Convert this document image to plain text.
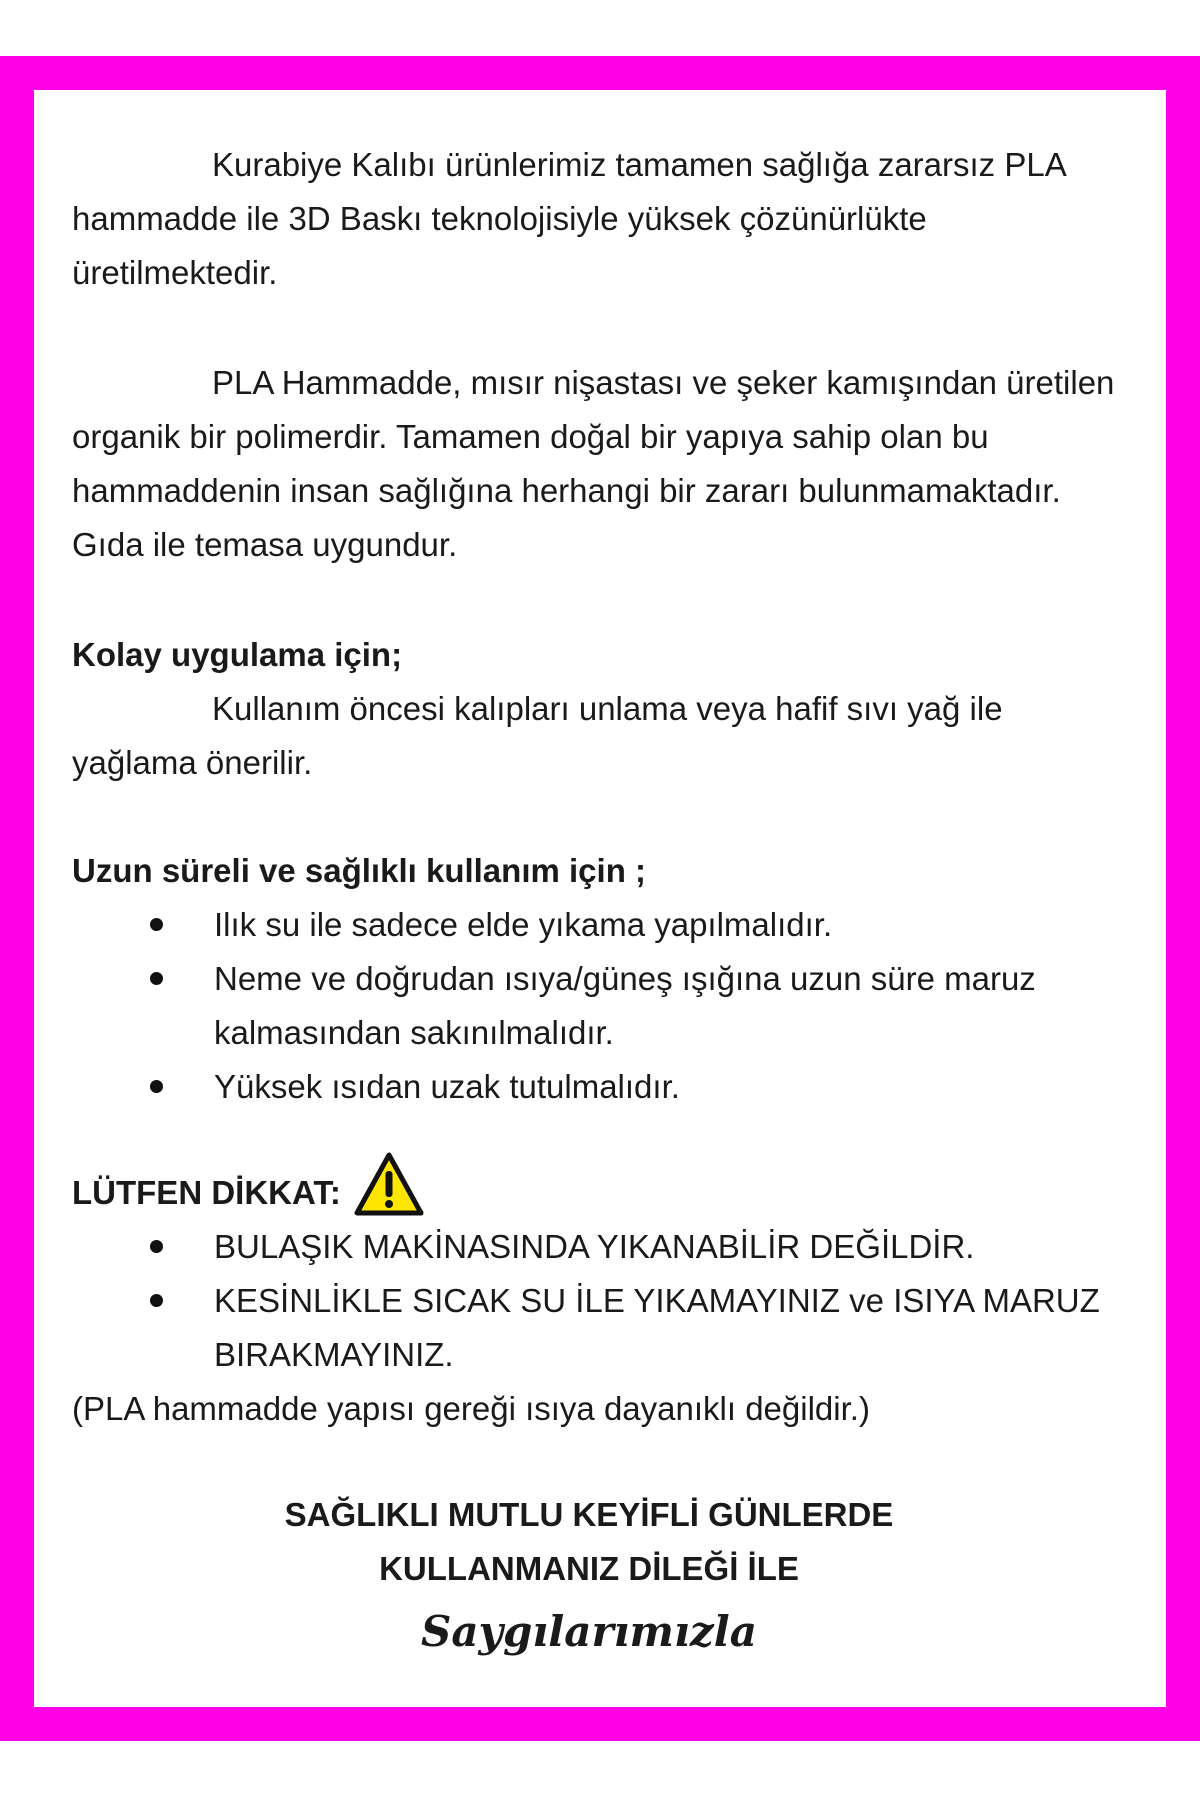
Kurabiye Kalıbı ürünlerimiz tamamen sağlığa zararsız PLA hammadde ile 3D Baskı teknolojisiyle yüksek çözünürlükte üretilmektedir.

PLA Hammadde, mısır nişastası ve şeker kamışından üretilen organik bir polimerdir. Tamamen doğal bir yapıya sahip olan bu hammaddenin insan sağlığına herhangi bir zararı bulunmamaktadır. Gıda ile temasa uygundur.

Kolay uygulama için;

Kullanım öncesi kalıpları unlama veya hafif sıvı yağ ile yağlama önerilir.

Uzun süreli ve sağlıklı kullanım için ;

Ilık su ile sadece elde yıkama yapılmalıdır.
Neme ve doğrudan ısıya/güneş ışığına uzun süre maruz kalmasından sakınılmalıdır.
Yüksek ısıdan uzak tutulmalıdır.
LÜTFEN DİKKAT:
BULAŞIK MAKİNASINDA YIKANABİLİR DEĞİLDİR.
KESİNLİKLE SICAK SU İLE YIKAMAYINIZ ve ISIYA MARUZ BIRAKMAYINIZ.

(PLA hammadde yapısı gereği ısıya dayanıklı değildir.)

SAĞLIKLI MUTLU KEYİFLİ GÜNLERDE
KULLANMANIZ DİLEĞİ İLE
Saygılarımızla
